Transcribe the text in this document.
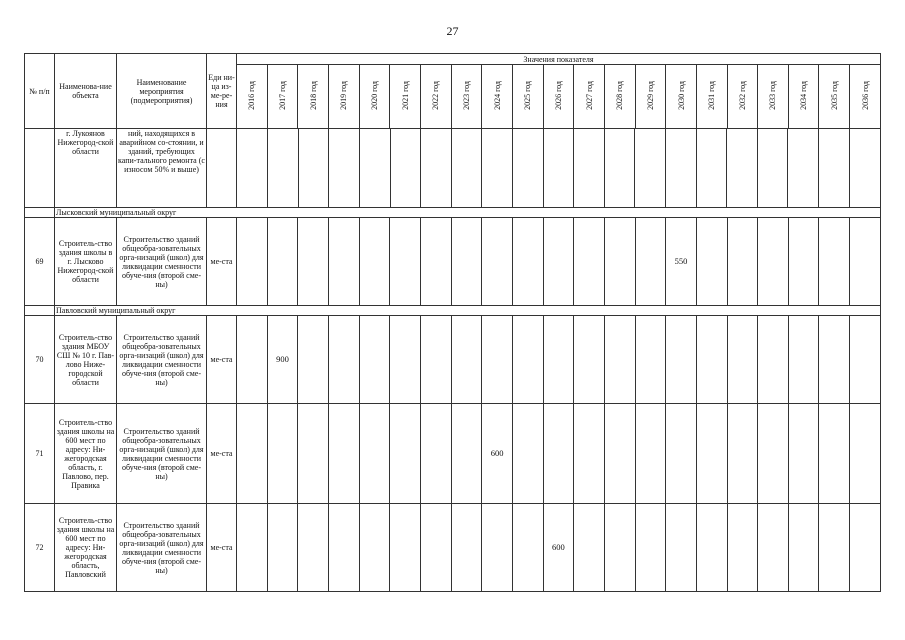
27
№ п/п	Наименова-ние объекта	Наименование мероприятия (подмероприятия)	Еди ни-ца из-ме-ре-ния	Значения показателя
2016 год	2017 год	2018 год	2019 год	2020 год	2021 год	2022 год	2023 год	2024 год	2025 год	2026 год	2027 год	2028 год	2029 год	2030 год	2031 год	2032 год	2033 год	2034 год	2035 год	2036 год
	г. Лукоянов Нижегород-ской области	ний, находящихся в аварийном со-стоянии, и зданий, требующих капи-тального ремонта (с износом 50% и выше)		

	Лысковский муниципальный округ
69	Строитель-ство здания школы в г. Лысково Нижегород-ской области	Строительство зданий общеобра-зовательных орга-низаций (школ) для ликвидации сменности обуче-ния (второй сме-ны)	ме-ста															550						
	Павловский муниципальный округ
70	Строитель-ство здания МБОУ СШ № 10 г. Пав-лово Ниже-городской области	Строительство зданий общеобра-зовательных орга-низаций (школ) для ликвидации сменности обуче-ния (второй сме-ны)	ме-ста		900																			
71	Строитель-ство здания школы на 600 мест по адресу: Ни-жегородская область, г. Павлово, пер. Правика	Строительство зданий общеобра-зовательных орга-низаций (школ) для ликвидации сменности обуче-ния (второй сме-ны)	ме-ста									600												
72	Строитель-ство здания школы на 600 мест по адресу: Ни-жегородская область, Павловский	Строительство зданий общеобра-зовательных орга-низаций (школ) для ликвидации сменности обуче-ния (второй сме-ны)	ме-ста											600										
